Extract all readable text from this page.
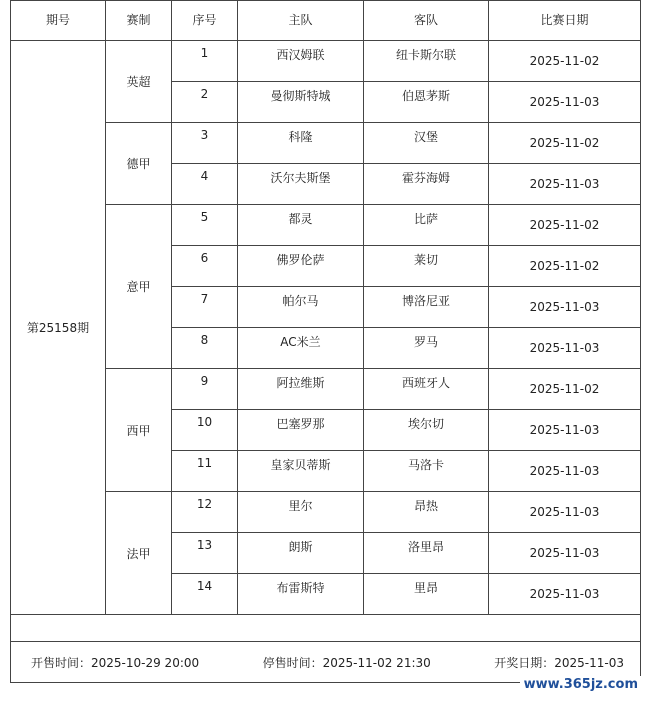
期号	赛制	序号	主队	客队	比赛日期
第25158期	英超	1	西汉姆联	纽卡斯尔联	2025-11-02
		2	曼彻斯特城	伯恩茅斯	2025-11-03
	德甲	3	科隆	汉堡	2025-11-02
		4	沃尔夫斯堡	霍芬海姆	2025-11-03
	意甲	5	都灵	比萨	2025-11-02
		6	佛罗伦萨	莱切	2025-11-02
		7	帕尔马	博洛尼亚	2025-11-03
		8	AC米兰	罗马	2025-11-03
	西甲	9	阿拉维斯	西班牙人	2025-11-02
		10	巴塞罗那	埃尔切	2025-11-03
		11	皇家贝蒂斯	马洛卡	2025-11-03
	法甲	12	里尔	昂热	2025-11-03
		13	朗斯	洛里昂	2025-11-03
		14	布雷斯特	里昂	2025-11-03

开售时间：2025-10-29 20:00 停售时间：2025-11-02 21:30 开奖日期：2025-11-03					
www.365jz.com
